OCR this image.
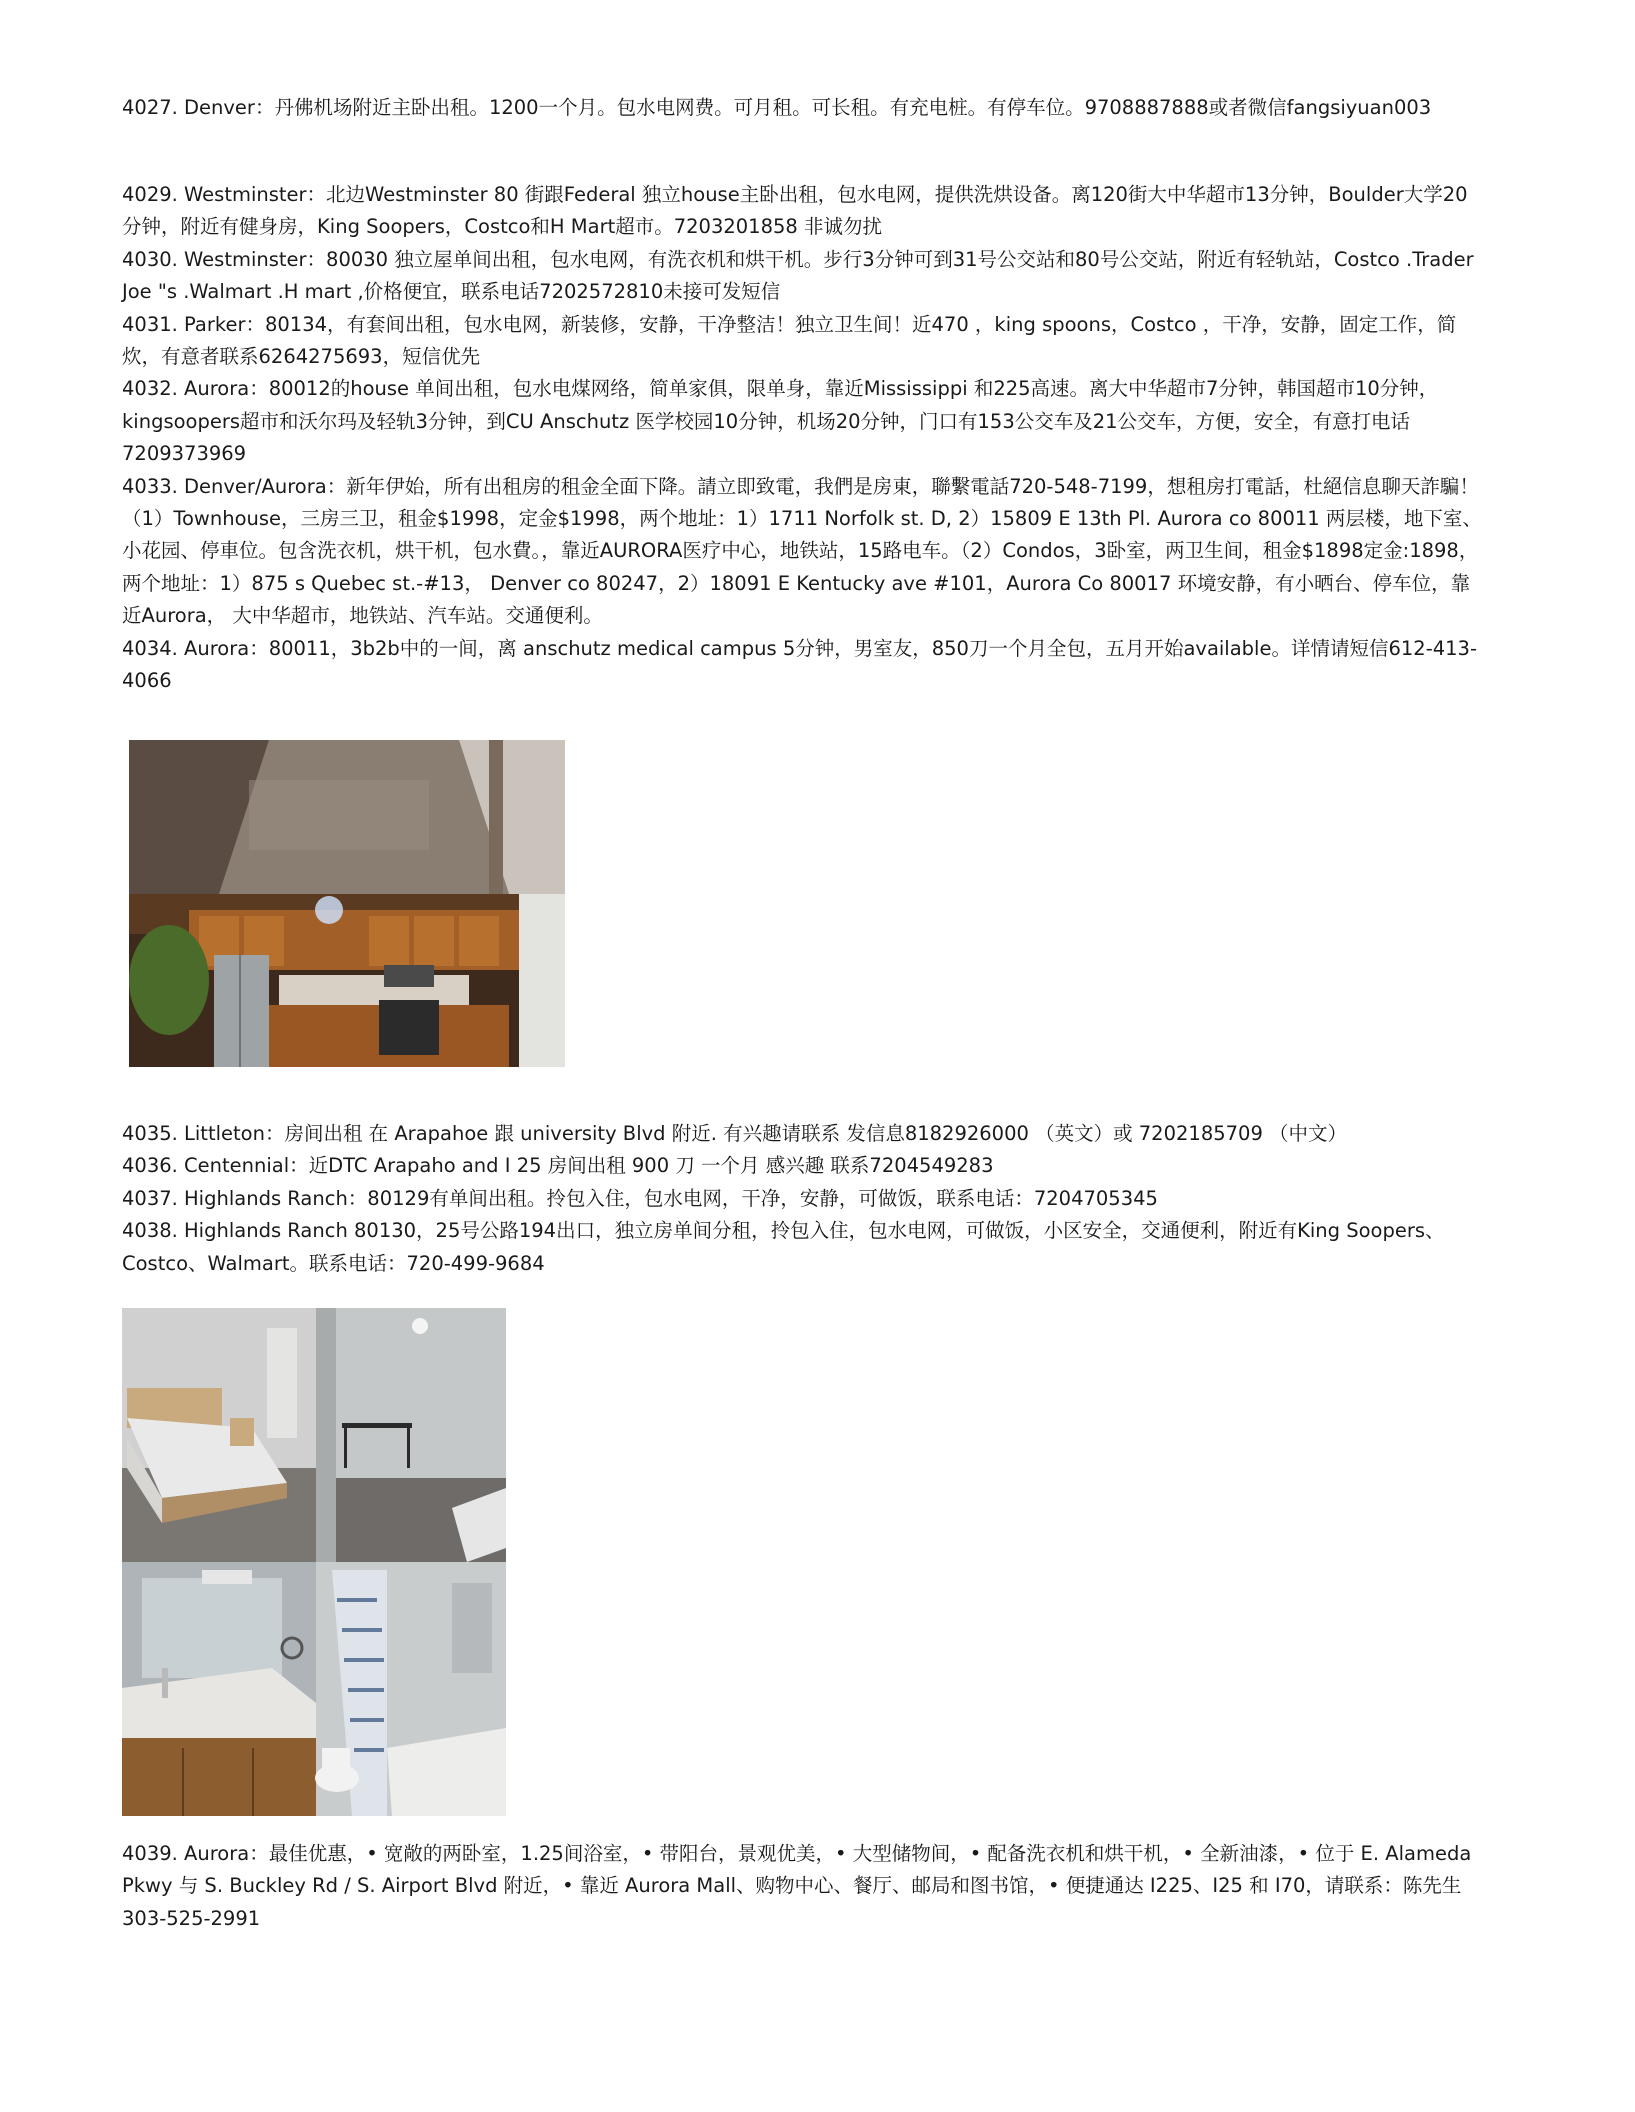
4027. Denver：丹佛机场附近主卧出租。1200一个月。包水电网费。可月租。可长租。有充电桩。有停车位。9708887888或者微信fangsiyuan003

4029. Westminster：北边Westminster 80 街跟Federal 独立house主卧出租，包水电网，提供洗烘设备。离120街大中华超市13分钟，Boulder大学20分钟，附近有健身房，King Soopers，Costco和H Mart超市。7203201858 非诚勿扰

4030. Westminster：80030 独立屋单间出租，包水电网，有洗衣机和烘干机。步行3分钟可到31号公交站和80号公交站，附近有轻轨站，Costco .Trader Joe "s .Walmart .H mart ,价格便宜，联系电话7202572810未接可发短信

4031. Parker：80134，有套间出租，包水电网，新装修，安静，干净整洁！独立卫生间！近470 ，king spoons，Costco ，干净，安静，固定工作，简炊，有意者联系6264275693，短信优先

4032. Aurora：80012的house 单间出租，包水电煤网络，简单家俱，限单身，靠近Mississippi 和225高速。离大中华超市7分钟，韩国超市10分钟，kingsoopers超市和沃尔玛及轻轨3分钟，到CU Anschutz 医学校园10分钟，机场20分钟，门口有153公交车及21公交车，方便，安全，有意打电话7209373969

4033. Denver/Aurora：新年伊始，所有出租房的租金全面下降。請立即致電，我們是房東，聯繫電話720-548-7199，想租房打電話，杜絕信息聊天詐騙！（1）Townhouse，三房三卫，租金$1998，定金$1998，两个地址：1）1711 Norfolk st. D, 2）15809 E 13th Pl. Aurora co 80011 两层楼，地下室、小花园、停車位。包含洗衣机，烘干机，包水費。，靠近AURORA医疗中心，地铁站，15路电车。（2）Condos，3卧室，两卫生间，租金$1898定金:1898，两个地址：1）875 s Quebec st.-#13， Denver co 80247，2）18091 E Kentucky ave #101，Aurora Co 80017 环境安静，有小晒台、停车位，靠近Aurora， 大中华超市，地铁站、汽车站。交通便利。

4034. Aurora：80011，3b2b中的一间，离 anschutz medical campus 5分钟，男室友，850刀一个月全包，五月开始available。详情请短信612-413-4066

4035. Littleton：房间出租 在 Arapahoe 跟 university Blvd 附近. 有兴趣请联系 发信息8182926000 （英文）或 7202185709 （中文）

4036. Centennial：近DTC Arapaho and I 25 房间出租 900 刀 一个月 感兴趣 联系7204549283

4037. Highlands Ranch：80129有单间出租。拎包入住，包水电网，干净，安静，可做饭，联系电话：7204705345

4038. Highlands Ranch 80130，25号公路194出口，独立房单间分租，拎包入住，包水电网，可做饭，小区安全，交通便利，附近有King Soopers、Costco、Walmart。联系电话：720-499-9684

4039. Aurora：最佳优惠，• 宽敞的两卧室，1.25间浴室，• 带阳台，景观优美，• 大型储物间，• 配备洗衣机和烘干机，• 全新油漆，• 位于 E. Alameda Pkwy 与 S. Buckley Rd / S. Airport Blvd 附近，• 靠近 Aurora Mall、购物中心、餐厅、邮局和图书馆，• 便捷通达 I225、I25 和 I70，请联系：陈先生 303-525-2991
